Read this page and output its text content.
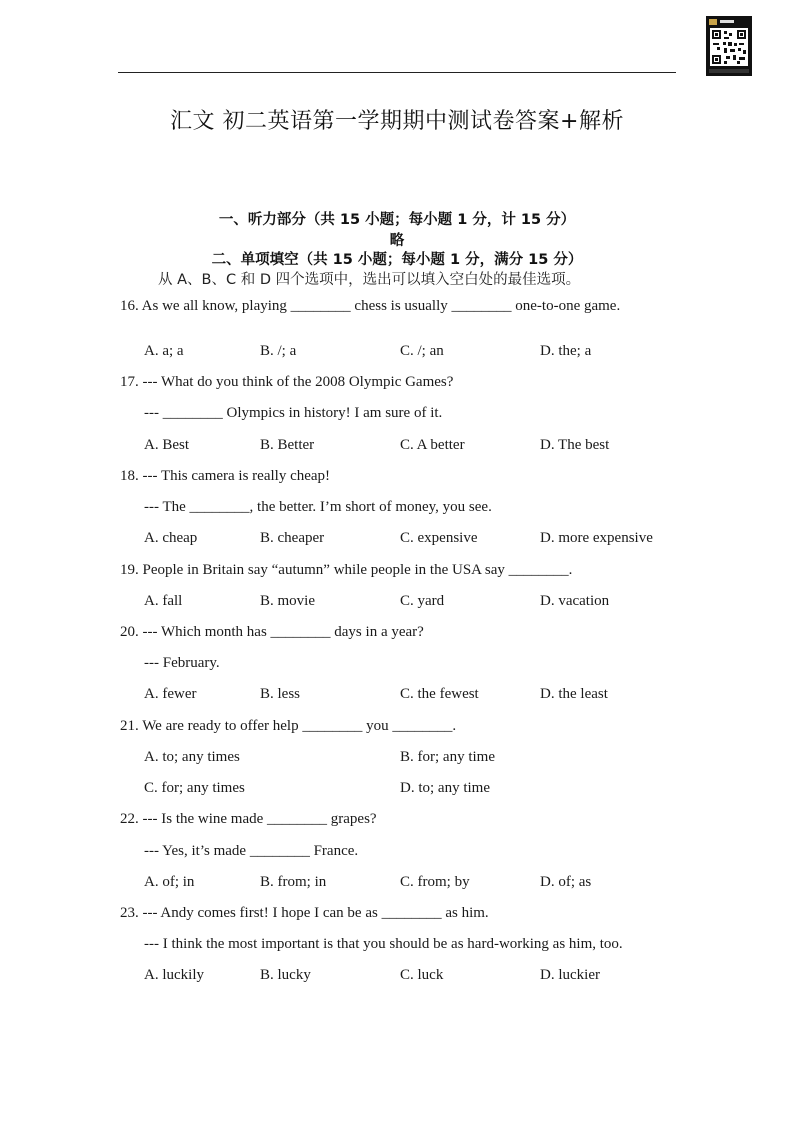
汇文 初二英语第一学期期中测试卷答案+解析
一、听力部分（共 15 小题；每小题 1 分，计 15 分）
略
二、单项填空（共 15 小题；每小题 1 分，满分 15 分）
从 A、B、C 和 D 四个选项中，选出可以填入空白处的最佳选项。
16. As we all know, playing ________ chess is usually ________ one-to-one game.
A. a; a	B. /; a	C. /; an	D. the; a
17. --- What do you think of the 2008 Olympic Games?
--- ________ Olympics in history! I am sure of it.
A. Best	B. Better	C. A better	D. The best
18. --- This camera is really cheap!
--- The ________, the better. I’m short of money, you see.
A. cheap	B. cheaper	C. expensive	D. more expensive
19. People in Britain say “autumn” while people in the USA say ________.
A. fall	B. movie	C. yard	D. vacation
20. --- Which month has ________ days in a year?
--- February.
A. fewer	B. less	C. the fewest	D. the least
21. We are ready to offer help ________ you ________.
A. to; any times	B. for; any time
C. for; any times	D. to; any time
22. --- Is the wine made ________ grapes?
--- Yes, it’s made ________ France.
A. of; in	B. from; in	C. from; by	D. of; as
23. --- Andy comes first! I hope I can be as ________ as him.
--- I think the most important is that you should be as hard-working as him, too.
A. luckily	B. lucky	C. luck	D. luckier
